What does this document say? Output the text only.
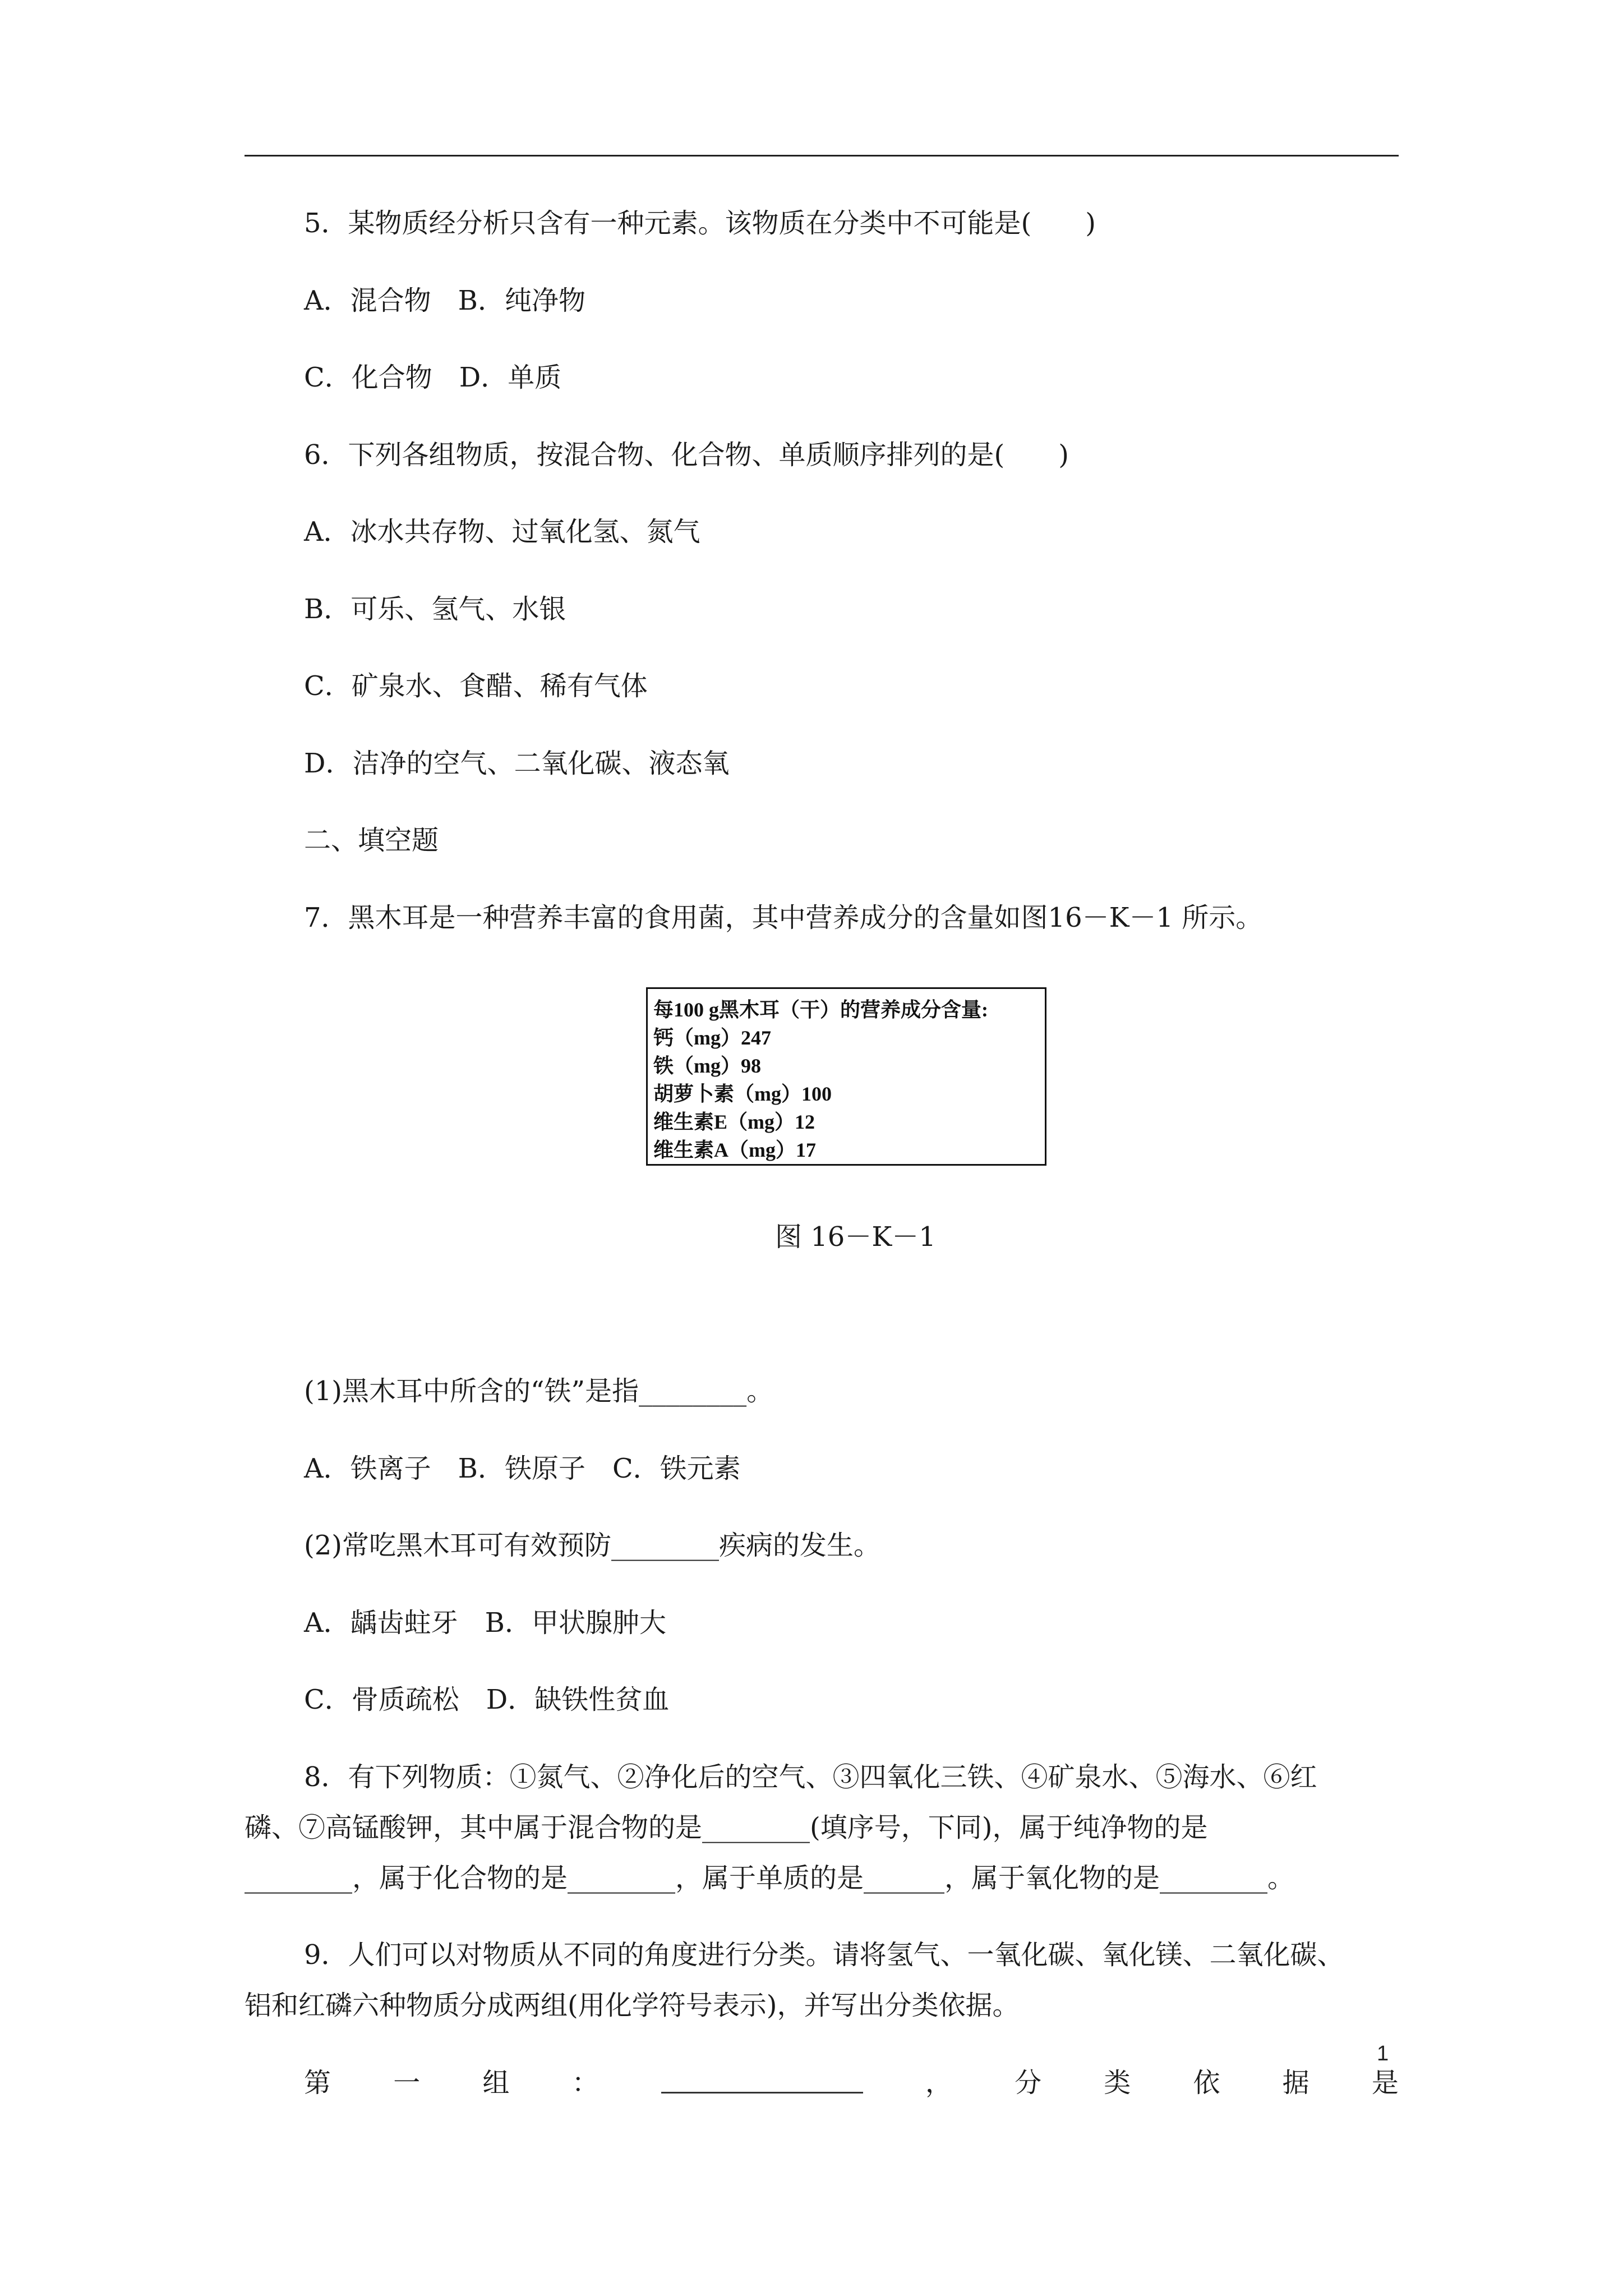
5．某物质经分析只含有一种元素。该物质在分类中不可能是(　　)
A．混合物　B．纯净物
C．化合物　D．单质
6．下列各组物质，按混合物、化合物、单质顺序排列的是(　　)
A．冰水共存物、过氧化氢、氮气
B．可乐、氢气、水银
C．矿泉水、食醋、稀有气体
D．洁净的空气、二氧化碳、液态氧
二、填空题
7．黑木耳是一种营养丰富的食用菌，其中营养成分的含量如图16－K－1 所示。
每100 g黑木耳（干）的营养成分含量:
钙（mg）247
铁（mg）98
胡萝卜素（mg）100
维生素E（mg）12
维生素A（mg）17
图 16－K－1
(1)黑木耳中所含的“铁”是指________。
A．铁离子　B．铁原子　C．铁元素
(2)常吃黑木耳可有效预防________疾病的发生。
A．龋齿蛀牙　B．甲状腺肿大
C．骨质疏松　D．缺铁性贫血
8．有下列物质：①氮气、②净化后的空气、③四氧化三铁、④矿泉水、⑤海水、⑥红
磷、⑦高锰酸钾，其中属于混合物的是________(填序号，下同)，属于纯净物的是
________，属于化合物的是________，属于单质的是______，属于氧化物的是________。
9．人们可以对物质从不同的角度进行分类。请将氢气、一氧化碳、氧化镁、二氧化碳、
铝和红磷六种物质分成两组(用化学符号表示)，并写出分类依据。
第 一 组 ：	， 分 类 依 据 是
1
